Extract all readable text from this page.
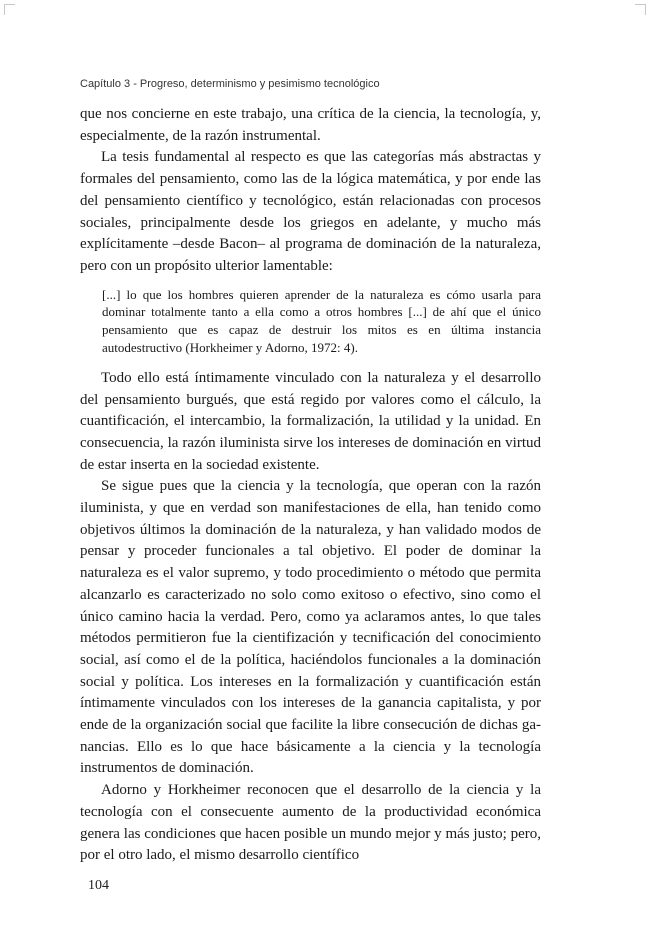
Capítulo 3 - Progreso, determinismo y pesimismo tecnológico

que nos concierne en este trabajo, una crítica de la ciencia, la tecnología, y, especialmente, de la razón instrumental.

La tesis fundamental al respecto es que las categorías más abstractas y formales del pensamiento, como las de la lógica matemática, y por ende las del pensamiento científico y tecnológico, están relacionadas con procesos sociales, principalmente desde los griegos en adelante, y mucho más explícitamente –desde Bacon– al programa de dominación de la naturaleza, pero con un propósito ulterior lamentable:

[...] lo que los hombres quieren aprender de la naturaleza es cómo usarla para dominar totalmente tanto a ella como a otros hombres [...] de ahí que el único pensamiento que es capaz de destruir los mitos es en última instancia autodestructivo (Horkheimer y Adorno, 1972: 4).

Todo ello está íntimamente vinculado con la naturaleza y el desarrollo del pensamiento burgués, que está regido por valores como el cálculo, la cuantificación, el intercambio, la formalización, la utilidad y la unidad. En consecuencia, la razón iluminista sirve los intereses de dominación en virtud de estar inserta en la sociedad existente.

Se sigue pues que la ciencia y la tecnología, que operan con la razón iluminista, y que en verdad son manifestaciones de ella, han tenido como objetivos últimos la dominación de la naturaleza, y han validado modos de pensar y proceder funcionales a tal objetivo. El poder de dominar la naturaleza es el valor supremo, y todo procedimiento o método que permita alcanzarlo es caracterizado no solo como exitoso o efectivo, sino como el único camino hacia la verdad. Pero, como ya aclaramos antes, lo que tales métodos permitieron fue la cientifización y tecnificación del conocimiento social, así como el de la política, haciéndolos funcionales a la dominación social y política. Los intereses en la formalización y cuantificación están íntimamente vinculados con los intereses de la ganancia capitalista, y por ende de la organización social que facilite la libre consecución de dichas ganancias. Ello es lo que hace básicamente a la ciencia y la tecnología instrumentos de dominación.

Adorno y Horkheimer reconocen que el desarrollo de la ciencia y la tecnología con el consecuente aumento de la productividad económica genera las condiciones que hacen posible un mundo mejor y más justo; pero, por el otro lado, el mismo desarrollo científico

104
